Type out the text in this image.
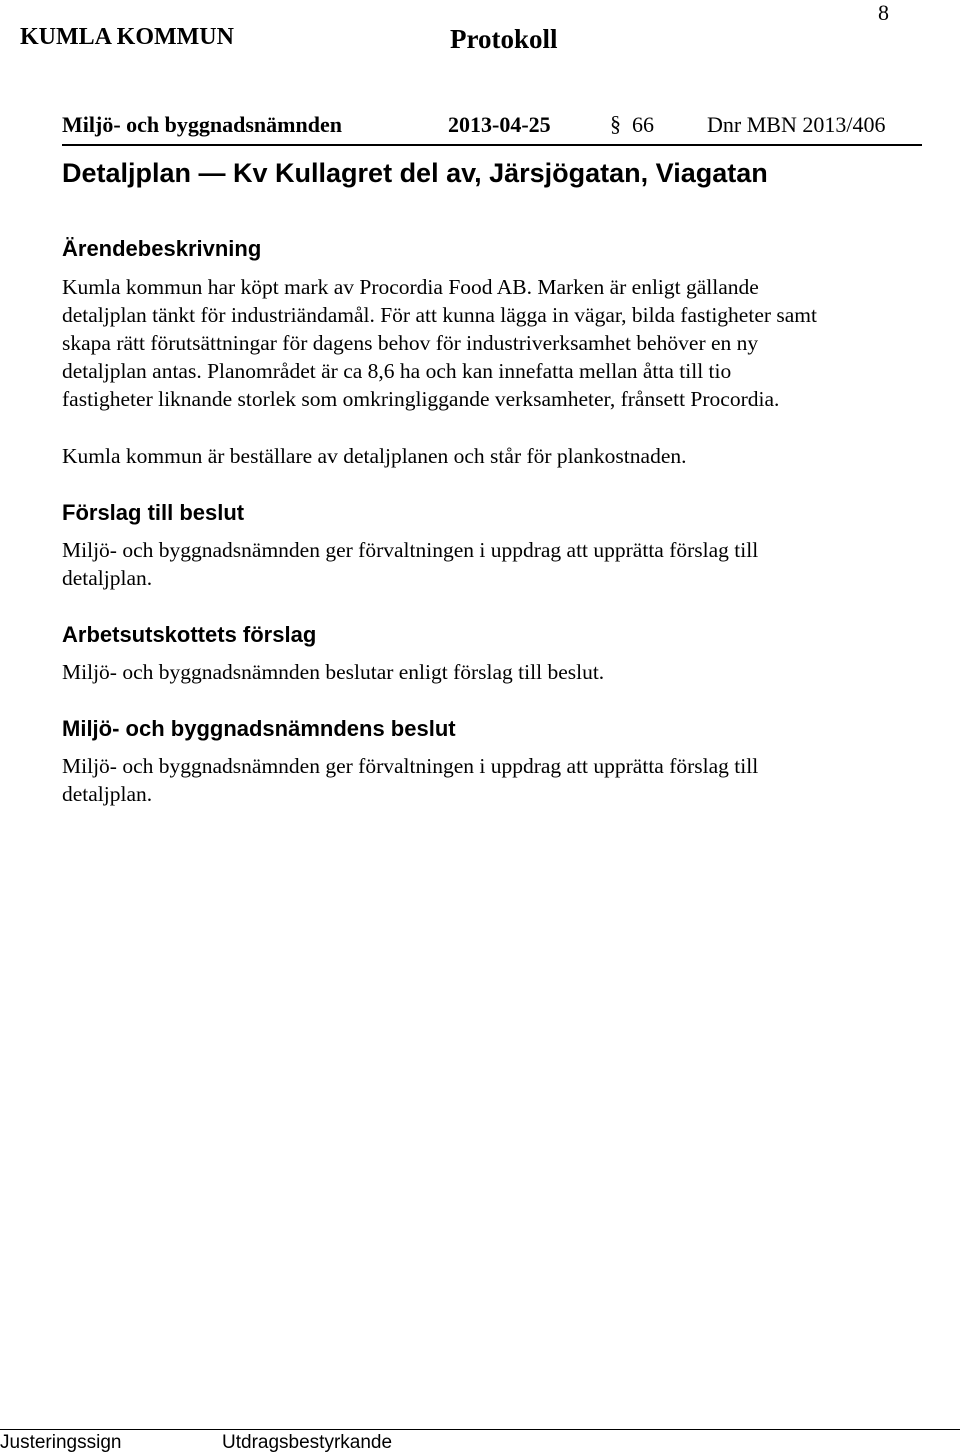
8
KUMLA KOMMUN	Protokoll
Miljö- och byggnadsnämnden	2013-04-25	§ 66 Dnr MBN 2013/406
Detaljplan — Kv Kullagret del av, Järsjögatan, Viagatan
Ärendebeskrivning
Kumla kommun har köpt mark av Procordia Food AB. Marken är enligt gällande
detaljplan tänkt för industriändamål. För att kunna lägga in vägar, bilda fastigheter samt
skapa rätt förutsättningar för dagens behov för industriverksamhet behöver en ny
detaljplan antas. Planområdet är ca 8,6 ha och kan innefatta mellan åtta till tio
fastigheter liknande storlek som omkringliggande verksamheter, frånsett Procordia.
Kumla kommun är beställare av detaljplanen och står för plankostnaden.
Förslag till beslut
Miljö- och byggnadsnämnden ger förvaltningen i uppdrag att upprätta förslag till
detaljplan.
Arbetsutskottets förslag
Miljö- och byggnadsnämnden beslutar enligt förslag till beslut.
Miljö- och byggnadsnämndens beslut
Miljö- och byggnadsnämnden ger förvaltningen i uppdrag att upprätta förslag till
detaljplan.
Justeringssign	Utdragsbestyrkande
